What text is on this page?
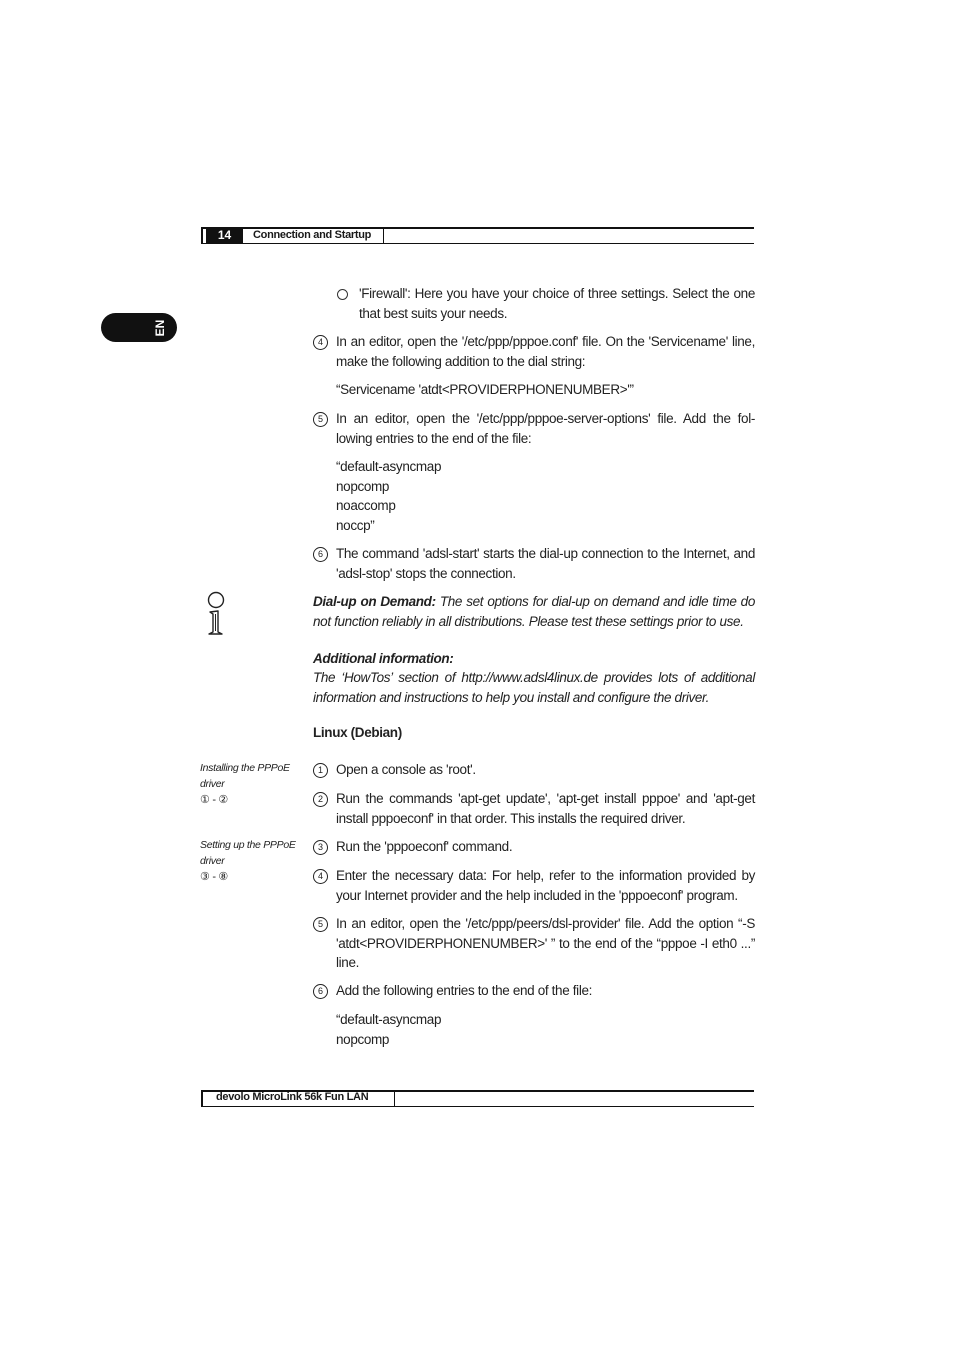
14	Connection and Startup
EN
'Firewall': Here you have your choice of three settings. Select the one that best suits your needs.
4 In an editor, open the '/etc/ppp/pppoe.conf' file. On the 'Servicename' line, make the following addition to the dial string:
“Servicename 'atdt<PROVIDERPHONENUMBER>'”
5 In an editor, open the '/etc/ppp/pppoe-server-options' file. Add the fol-lowing entries to the end of the file:
“default-asyncmap
nopcomp
noaccomp
noccp”
6 The command 'adsl-start' starts the dial-up connection to the Internet, and 'adsl-stop' stops the connection.
Dial-up on Demand: The set options for dial-up on demand and idle time do not function reliably in all distributions. Please test these settings prior to use.
Additional information:
The ‘HowTos’ section of http://www.adsl4linux.de provides lots of additional information and instructions to help you install and configure the driver.
Linux (Debian)
Installing the PPPoE driver
① - ②
Setting up the PPPoE driver
③ - ⑧
1 Open a console as 'root'.
2 Run the commands 'apt-get update', 'apt-get install pppoe' and 'apt-get install pppoeconf' in that order. This installs the required driver.
3 Run the 'pppoeconf' command.
4 Enter the necessary data: For help, refer to the information provided by your Internet provider and the help included in the 'pppoeconf' program.
5 In an editor, open the '/etc/ppp/peers/dsl-provider' file. Add the option “-S 'atdt<PROVIDERPHONENUMBER>' ” to the end of the “pppoe -I eth0 ...” line.
6 Add the following entries to the end of the file:
“default-asyncmap
nopcomp
devolo MicroLink 56k Fun LAN
